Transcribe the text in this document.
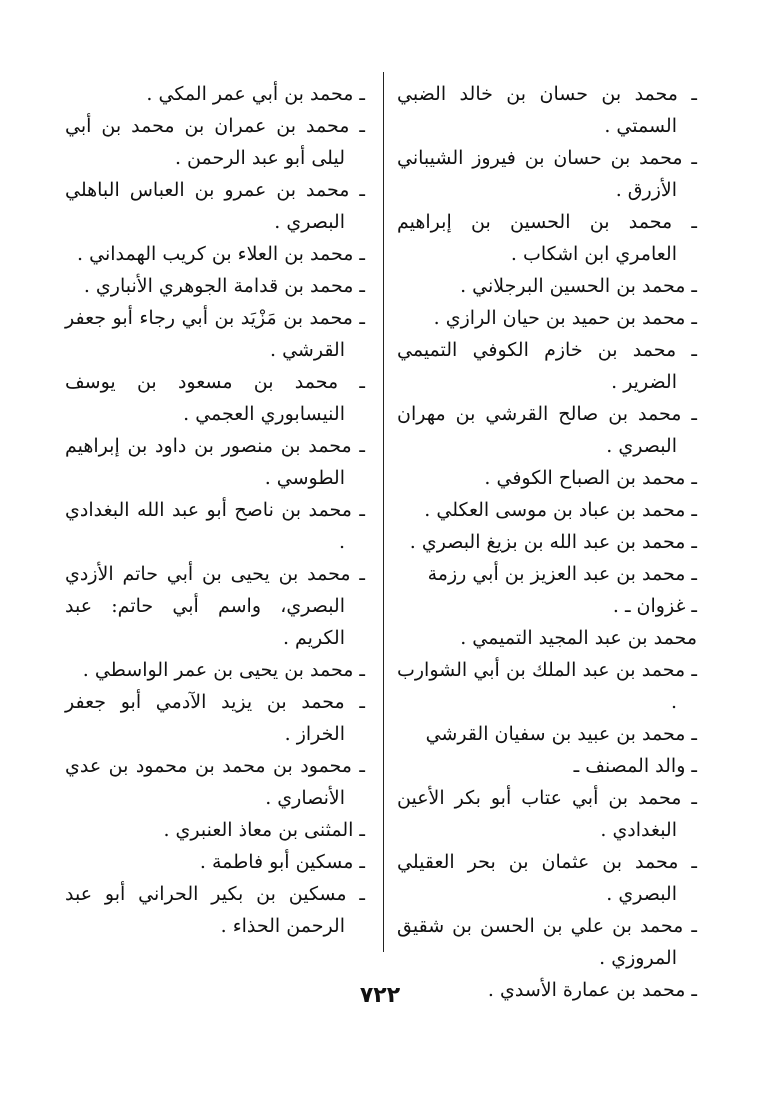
ـ محمد بن حسان بن خالد الضبي السمتي .

ـ محمد بن حسان بن فيروز الشيباني الأزرق .

ـ محمد بن الحسين بن إبراهيم العامري ابن اشكاب .

ـ محمد بن الحسين البرجلاني .

ـ محمد بن حميد بن حيان الرازي .

ـ محمد بن خازم الكوفي التميمي الضرير .

ـ محمد بن صالح القرشي بن مهران البصري .

ـ محمد بن الصباح الكوفي .

ـ محمد بن عباد بن موسى العكلي .

ـ محمد بن عبد الله بن بزيغ البصري .

ـ محمد بن عبد العزيز بن أبي رزمة

ـ غزوان ـ .

محمد بن عبد المجيد التميمي .

ـ محمد بن عبد الملك بن أبي الشوارب .

ـ محمد بن عبيد بن سفيان القرشي

ـ والد المصنف ـ

ـ محمد بن أبي عتاب أبو بكر الأعين البغدادي .

ـ محمد بن عثمان بن بحر العقيلي البصري .

ـ محمد بن علي بن الحسن بن شقيق المروزي .

ـ محمد بن عمارة الأسدي .

ـ محمد بن أبي عمر المكي .

ـ محمد بن عمران بن محمد بن أبي ليلى أبو عبد الرحمن .

ـ محمد بن عمرو بن العباس الباهلي البصري .

ـ محمد بن العلاء بن كريب الهمداني .

ـ محمد بن قدامة الجوهري الأنباري .

ـ محمد بن مَزْيَد بن أبي رجاء أبو جعفر القرشي .

ـ محمد بن مسعود بن يوسف النيسابوري العجمي .

ـ محمد بن منصور بن داود بن إبراهيم الطوسي .

ـ محمد بن ناصح أبو عبد الله البغدادي .

ـ محمد بن يحيى بن أبي حاتم الأزدي البصري، واسم أبي حاتم: عبد الكريم .

ـ محمد بن يحيى بن عمر الواسطي .

ـ محمد بن يزيد الآدمي أبو جعفر الخراز .

ـ محمود بن محمد بن محمود بن عدي الأنصاري .

ـ المثنى بن معاذ العنبري .

ـ مسكين أبو فاطمة .

ـ مسكين بن بكير الحراني أبو عبد الرحمن الحذاء .

٧٢٢
